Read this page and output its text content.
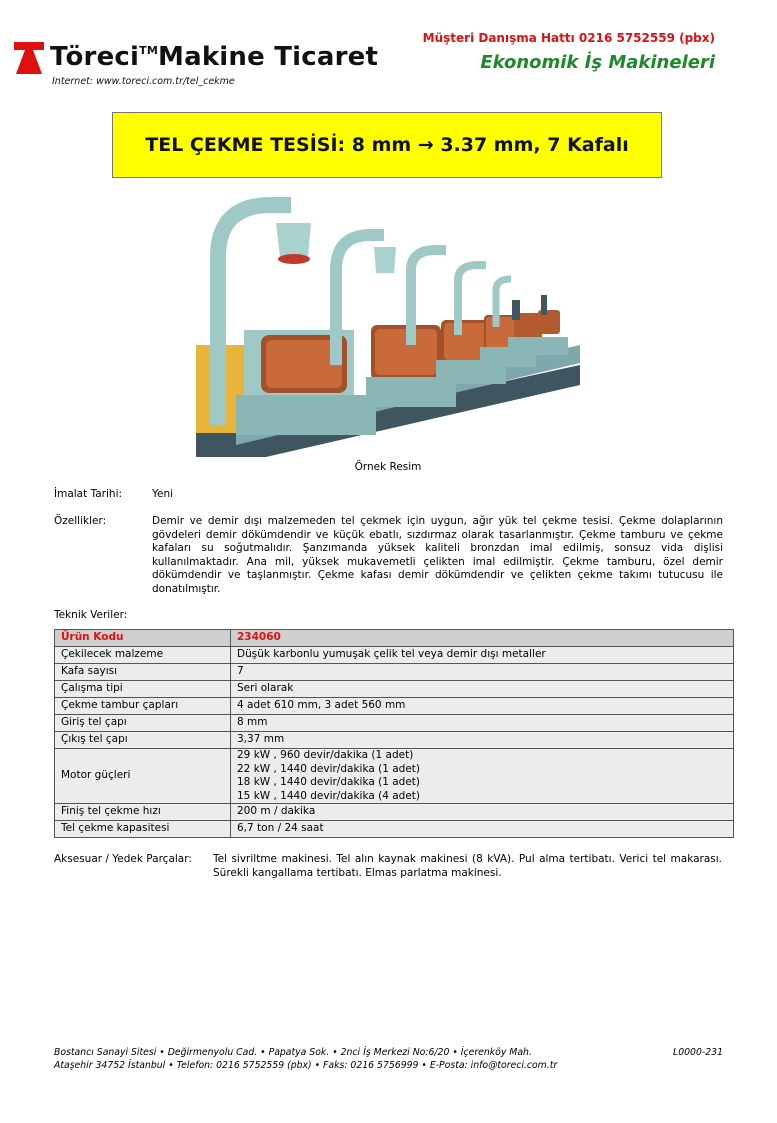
Töreci™Makine Ticaret
Internet: www.toreci.com.tr/tel_cekme
Müşteri Danışma Hattı 0216 5752559 (pbx)
Ekonomik İş Makineleri
TEL ÇEKME TESİSİ: 8 mm → 3.37 mm, 7 Kafalı
Örnek Resim
İmalat Tarihi:	Yeni
Özellikler:	Demir ve demir dışı malzemeden tel çekmek için uygun, ağır yük tel çekme tesisi. Çekme dolaplarının gövdeleri demir dökümdendir ve küçük ebatlı, sızdırmaz olarak tasarlanmıştır. Çekme tamburu ve çekme kafaları su soğutmalıdır. Şanzımanda yüksek kaliteli bronzdan imal edilmiş, sonsuz vida dişlisi kullanılmaktadır. Ana mil, yüksek mukavemetli çelikten imal edilmiştir. Çekme tamburu, özel demir dökümdendir ve taşlanmıştır. Çekme kafası demir dökümdendir ve çelikten çekme takımı tutucusu ile donatılmıştır.
Teknik Veriler:
Ürün Kodu	234060
Çekilecek malzeme	Düşük karbonlu yumuşak çelik tel veya demir dışı metaller

Kafa sayısı	7

Çalışma tipi	Seri olarak

Çekme tambur çapları	4 adet 610 mm, 3 adet 560 mm

Giriş tel çapı	8 mm

Çıkış tel çapı	3,37 mm

Motor güçleri	29 kW , 960 devir/dakika (1 adet)
22 kW , 1440 devir/dakika (1 adet)
18 kW , 1440 devir/dakika (1 adet)
15 kW , 1440 devir/dakika (4 adet)

Finiş tel çekme hızı	200 m / dakika

Tel çekme kapasitesi	6,7 ton / 24 saat
Aksesuar / Yedek Parçalar: Tel sivriltme makinesi. Tel alın kaynak makinesi (8 kVA). Pul alma tertibatı. Verici tel makarası. Sürekli kangallama tertibatı. Elmas parlatma makinesi.
Bostancı Sanayi Sitesi • Değirmenyolu Cad. • Papatya Sok. • 2nci İş Merkezi No:6/20 • İçerenköy Mah.
Ataşehir 34752 İstanbul • Telefon: 0216 5752559 (pbx) • Faks: 0216 5756999 • E-Posta: info@toreci.com.tr
L0000-231
